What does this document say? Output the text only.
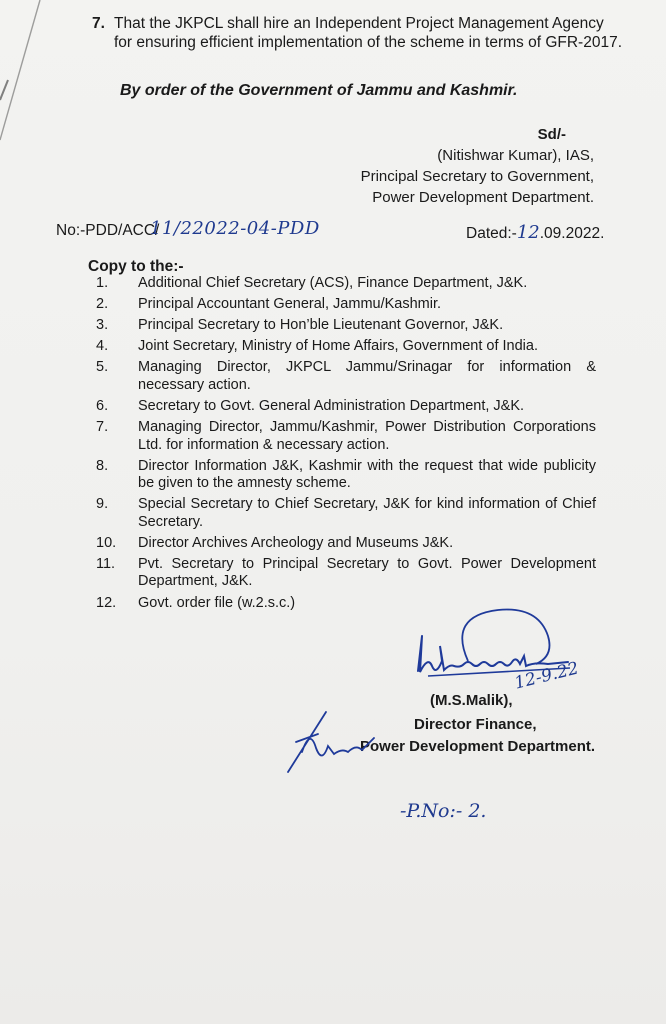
7. That the JKPCL shall hire an Independent Project Management Agency
for ensuring efficient implementation of the scheme in terms of GFR-2017.
By order of the Government of Jammu and Kashmir.
Sd/-
(Nitishwar Kumar), IAS,
Principal Secretary to Government,
Power Development Department.
No:-PDD/ACC/
11/22022-04-PDD	Dated:-12.09.2022.
Copy to the:-
1.	Additional Chief Secretary (ACS), Finance Department, J&K.
2.	Principal Accountant General, Jammu/Kashmir.
3.	Principal Secretary to Hon’ble Lieutenant Governor, J&K.
4.	Joint Secretary, Ministry of Home Affairs, Government of India.
5.	Managing Director, JKPCL Jammu/Srinagar for information & necessary action.
6.	Secretary to Govt. General Administration Department, J&K.
7.	Managing Director, Jammu/Kashmir, Power Distribution Corporations Ltd. for information & necessary action.
8.	Director Information J&K, Kashmir with the request that wide publicity be given to the amnesty scheme.
9.	Special Secretary to Chief Secretary, J&K for kind information of Chief Secretary.
10.	Director Archives Archeology and Museums J&K.
11.	Pvt. Secretary to Principal Secretary to Govt. Power Development Department, J&K.
12.	Govt. order file (w.2.s.c.)
12-9.22
(M.S.Malik),
Director Finance,
Power Development Department.
-P.No:- 2.
